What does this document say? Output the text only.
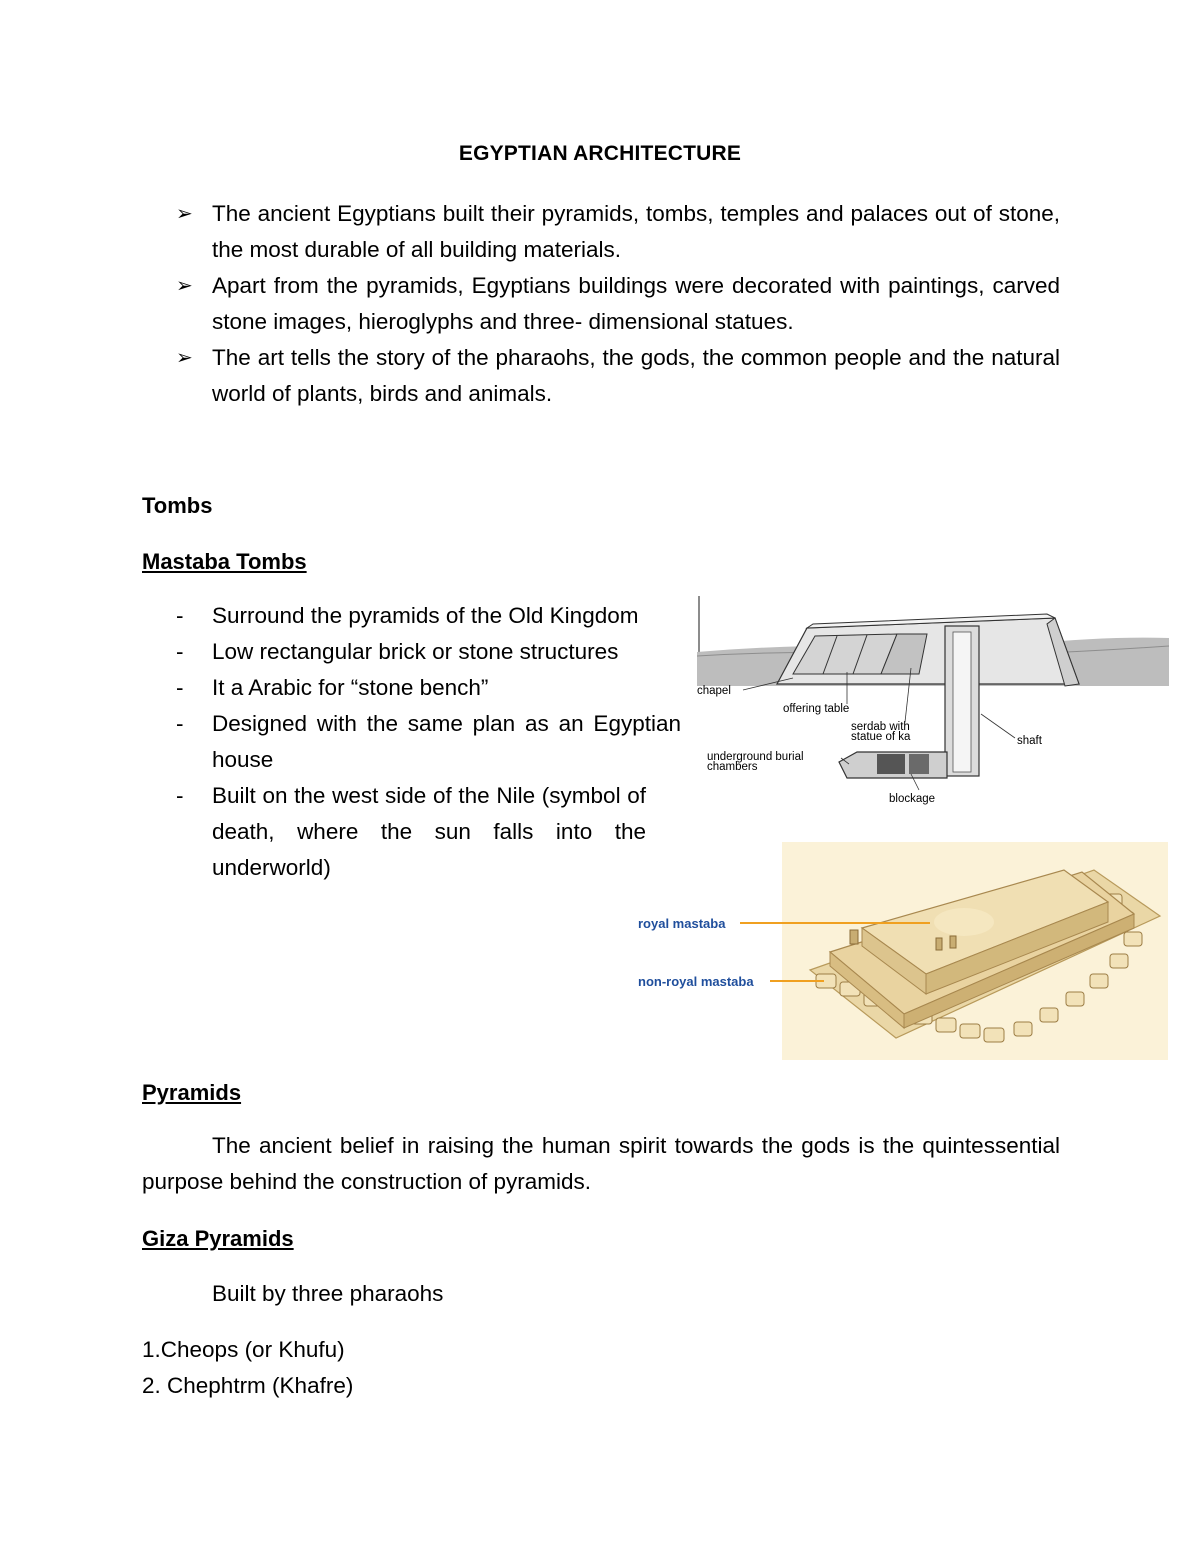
EGYPTIAN ARCHITECTURE
➢ The ancient Egyptians built their pyramids, tombs, temples and palaces out of stone, the most durable of all building materials.
➢ Apart from the pyramids, Egyptians buildings were decorated with paintings, carved stone images, hieroglyphs and three- dimensional statues.
➢ The art tells the story of the pharaohs, the gods, the common people and the natural world of plants, birds and animals.
Tombs
Mastaba Tombs
- Surround the pyramids of the Old Kingdom
- Low rectangular brick or stone structures
- It a Arabic for “stone bench”
- Designed with the same plan as an Egyptian house
- Built on the west side of the Nile (symbol of death, where the sun falls into the underworld)
chapel
offering table
serdab with
statue of ka	shaft
underground burial
chambers
blockage
royal mastaba
non-royal mastaba
Pyramids
The ancient belief in raising the human spirit towards the gods is the quintessential purpose behind the construction of pyramids.
Giza Pyramids
Built by three pharaohs
1.Cheops (or Khufu)
2. Chephtrm (Khafre)
